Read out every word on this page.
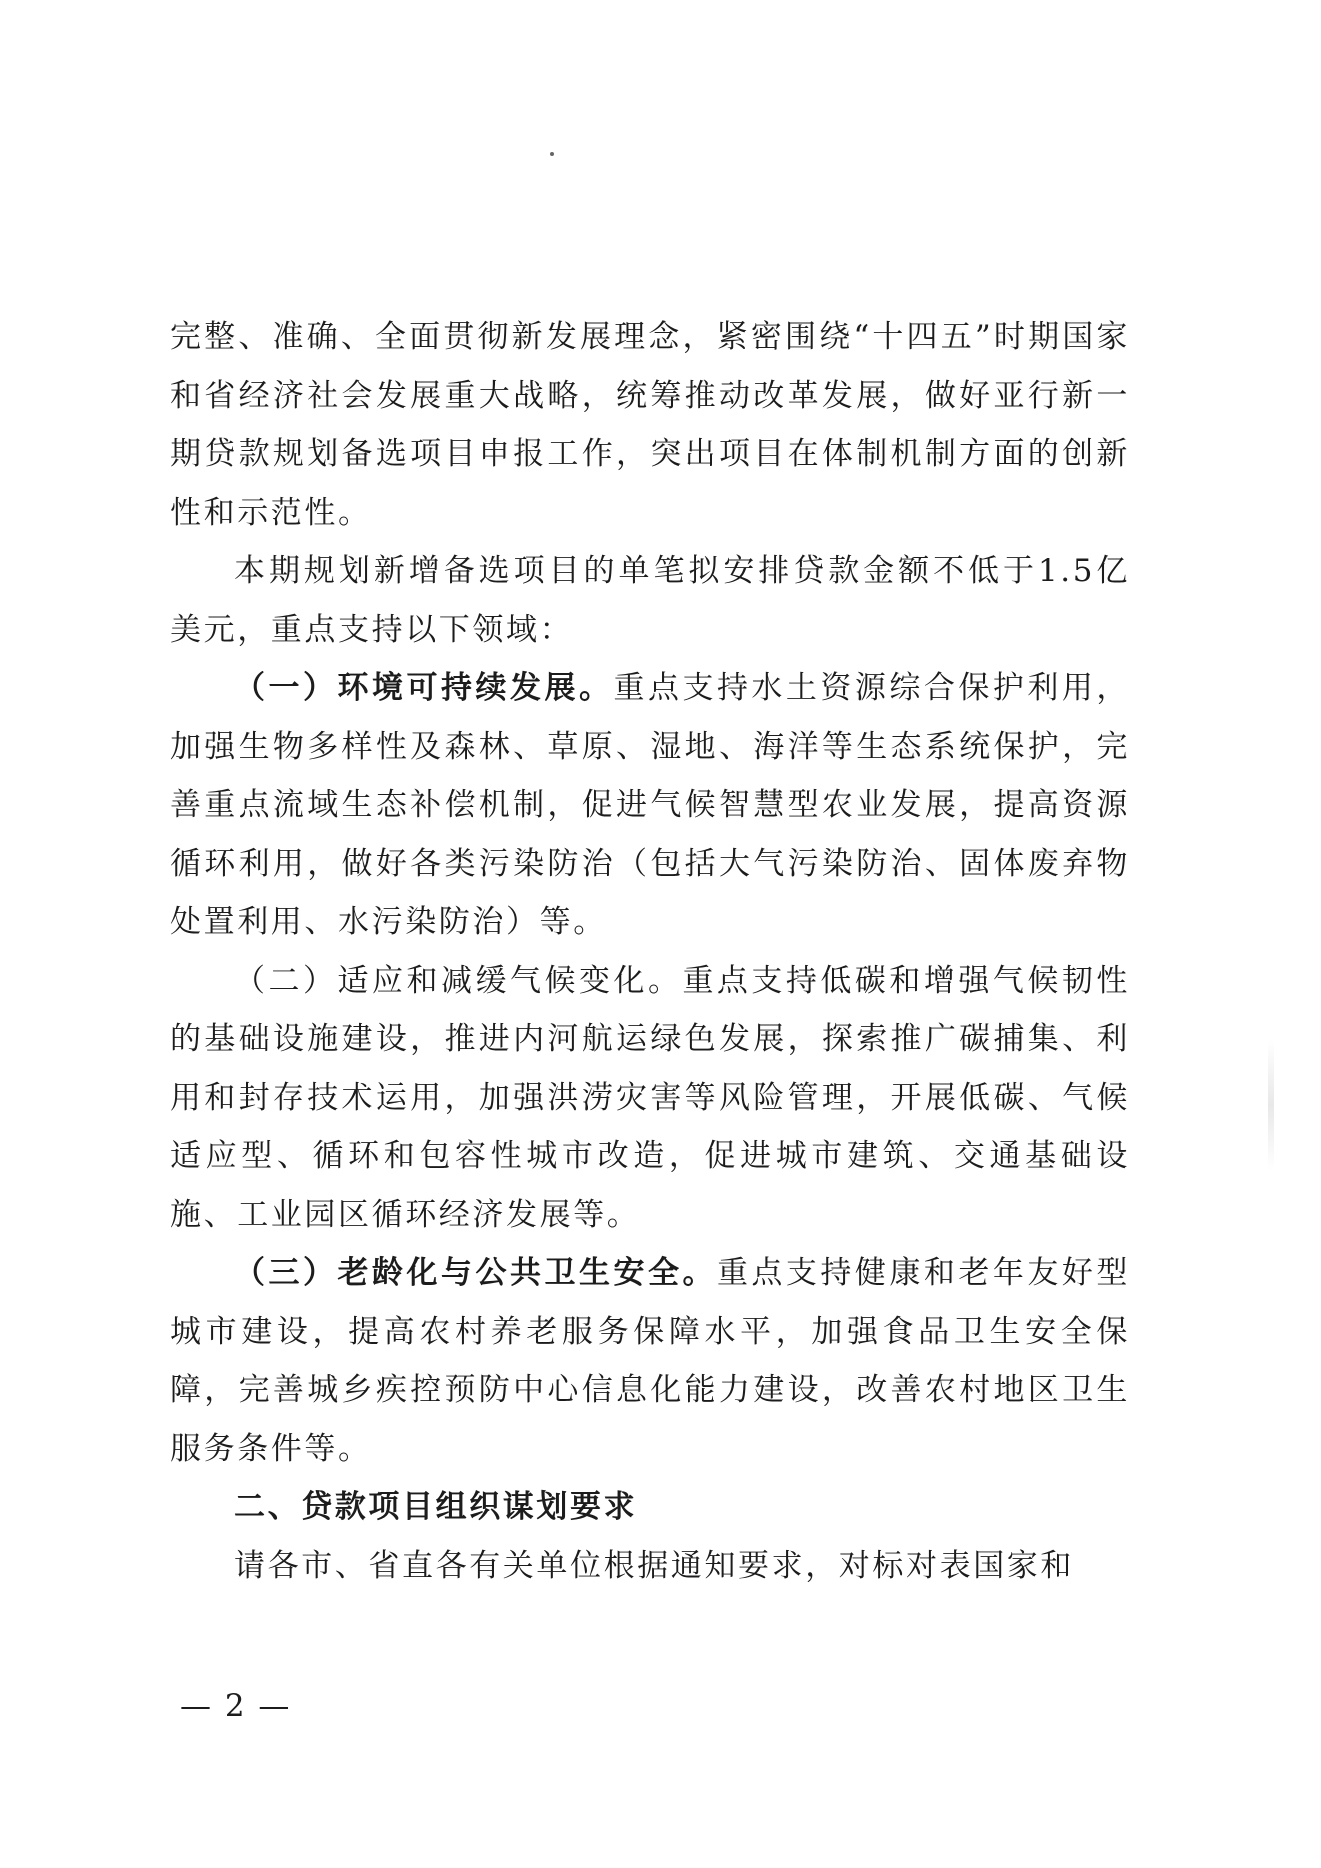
完整、准确、全面贯彻新发展理念，紧密围绕“十四五”时期国家和省经济社会发展重大战略，统筹推动改革发展，做好亚行新一期贷款规划备选项目申报工作，突出项目在体制机制方面的创新性和示范性。

本期规划新增备选项目的单笔拟安排贷款金额不低于1.5亿美元，重点支持以下领域：

（一）环境可持续发展。重点支持水土资源综合保护利用，加强生物多样性及森林、草原、湿地、海洋等生态系统保护，完善重点流域生态补偿机制，促进气候智慧型农业发展，提高资源循环利用，做好各类污染防治（包括大气污染防治、固体废弃物处置利用、水污染防治）等。

（二）适应和减缓气候变化。重点支持低碳和增强气候韧性的基础设施建设，推进内河航运绿色发展，探索推广碳捕集、利用和封存技术运用，加强洪涝灾害等风险管理，开展低碳、气候适应型、循环和包容性城市改造，促进城市建筑、交通基础设施、工业园区循环经济发展等。

（三）老龄化与公共卫生安全。重点支持健康和老年友好型城市建设，提高农村养老服务保障水平，加强食品卫生安全保障，完善城乡疾控预防中心信息化能力建设，改善农村地区卫生服务条件等。

二、贷款项目组织谋划要求

请各市、省直各有关单位根据通知要求，对标对表国家和

— 2 —
